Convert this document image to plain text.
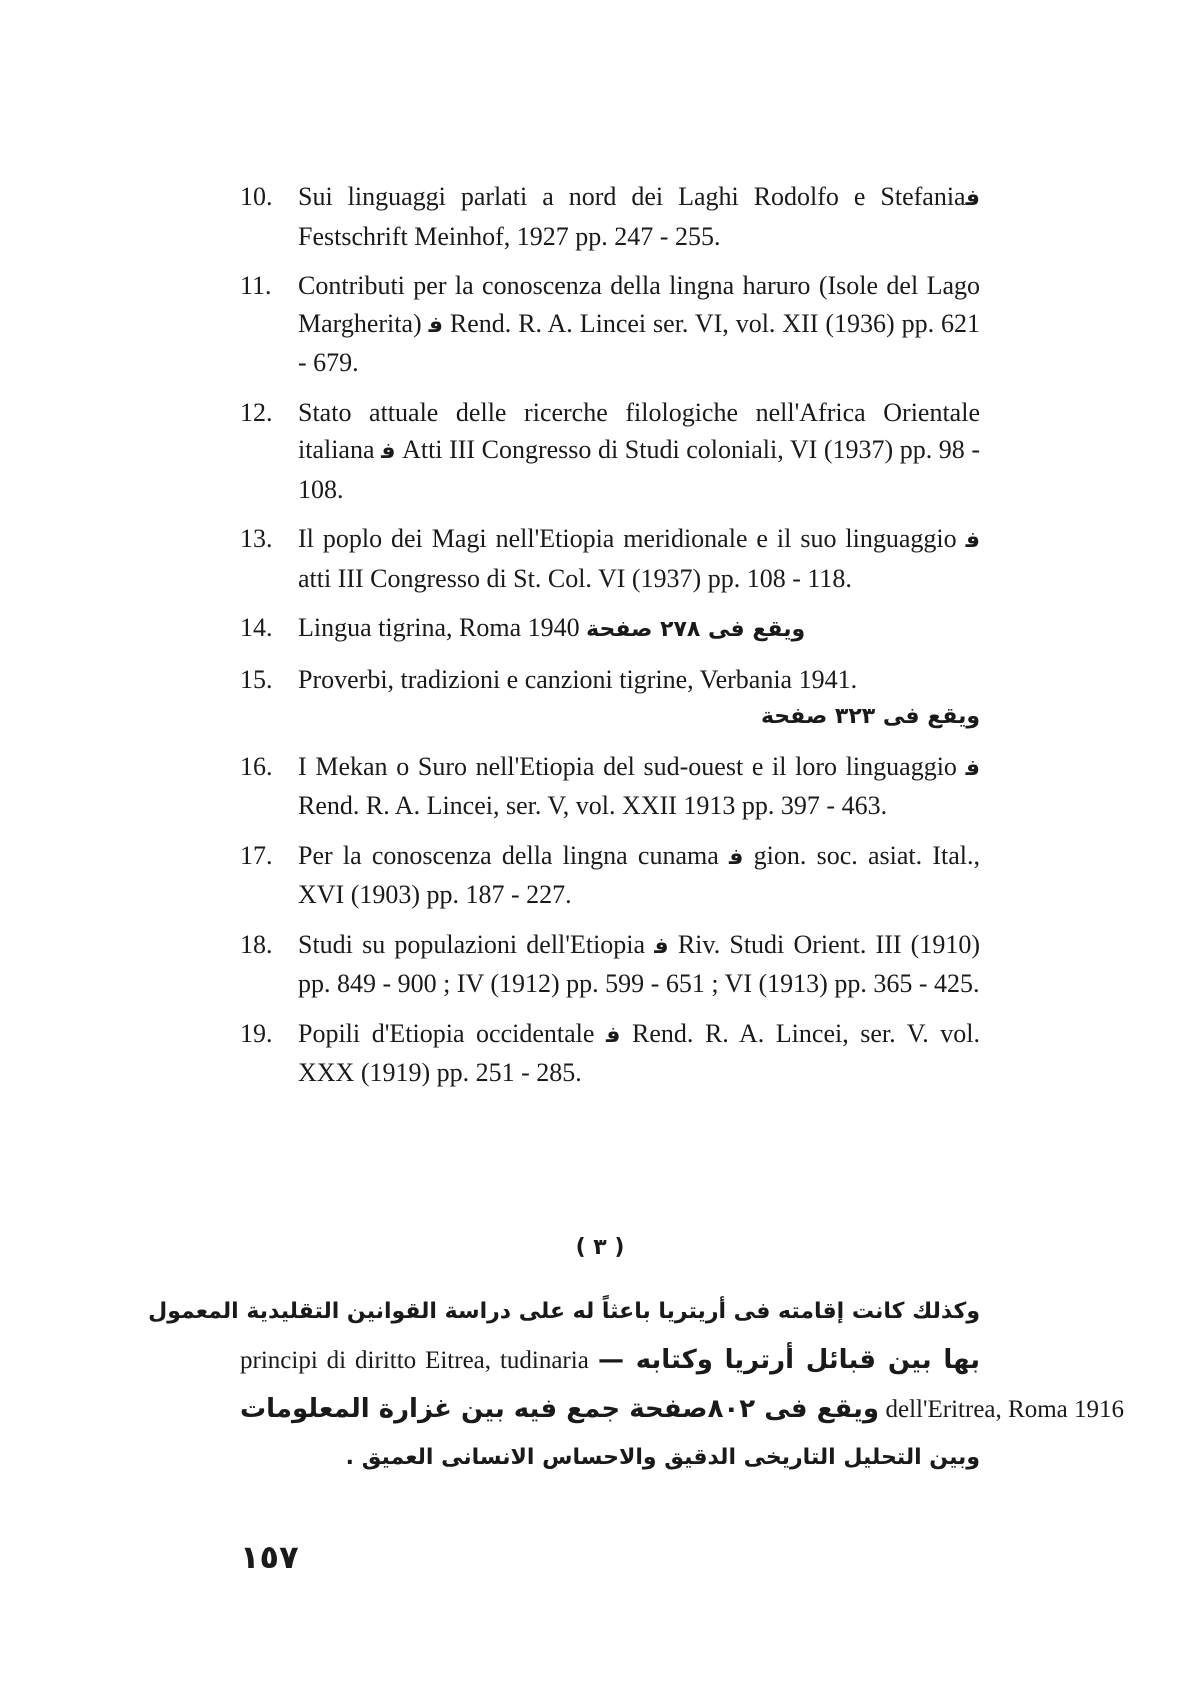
10. Sui linguaggi parlati a nord dei Laghi Rodolfo e Stefaniaﻓ Festschrift Meinhof, 1927 pp. 247 - 255.
11. Contributi per la conoscenza della lingna haruro (Isole del Lago Margherita) ﻓ Rend. R. A. Lincei ser. VI, vol. XII (1936) pp. 621 - 679.
12. Stato attuale delle ricerche filologiche nell'Africa Orientale italiana ﻓ Atti III Congresso di Studi coloniali, VI (1937) pp. 98 - 108.
13. Il poplo dei Magi nell'Etiopia meridionale e il suo linguaggio ﻓ atti III Congresso di St. Col. VI (1937) pp. 108 - 118.
14. Lingua tigrina, Roma 1940 ويقع فى ٢٧٨ صفحة
15. Proverbi, tradizioni e canzioni tigrine, Verbania 1941.
ويقع فى ٣٢٣ صفحة
16. I Mekan o Suro nell'Etiopia del sud-ouest e il loro linguaggio ﻓ Rend. R. A. Lincei, ser. V, vol. XXII 1913 pp. 397 - 463.
17. Per la conoscenza della lingna cunama ﻓ gion. soc. asiat. Ital., XVI (1903) pp. 187 - 227.
18. Studi su populazioni dell'Etiopia ﻓ Riv. Studi Orient. III (1910) pp. 849 - 900 ; IV (1912) pp. 599 - 651 ; VI (1913) pp. 365 - 425.
19. Popili d'Etiopia occidentale ﻓ Rend. R. A. Lincei, ser. V. vol. XXX (1919) pp. 251 - 285.
( ٣ )
وكذلك كانت إقامته فى أريتريا باعثاً له على دراسة القوانين التقليدية المعمول
principi di diritto Eitrea, tudinaria بها بين قبائل أرتريا وكتابه —
ويقع فى ٨٠٢صفحة جمع فيه بين غزارة المعلومات dell'Eritrea, Roma 1916
وبين التحليل التاريخى الدقيق والاحساس الانسانى العميق .
١٥٧
